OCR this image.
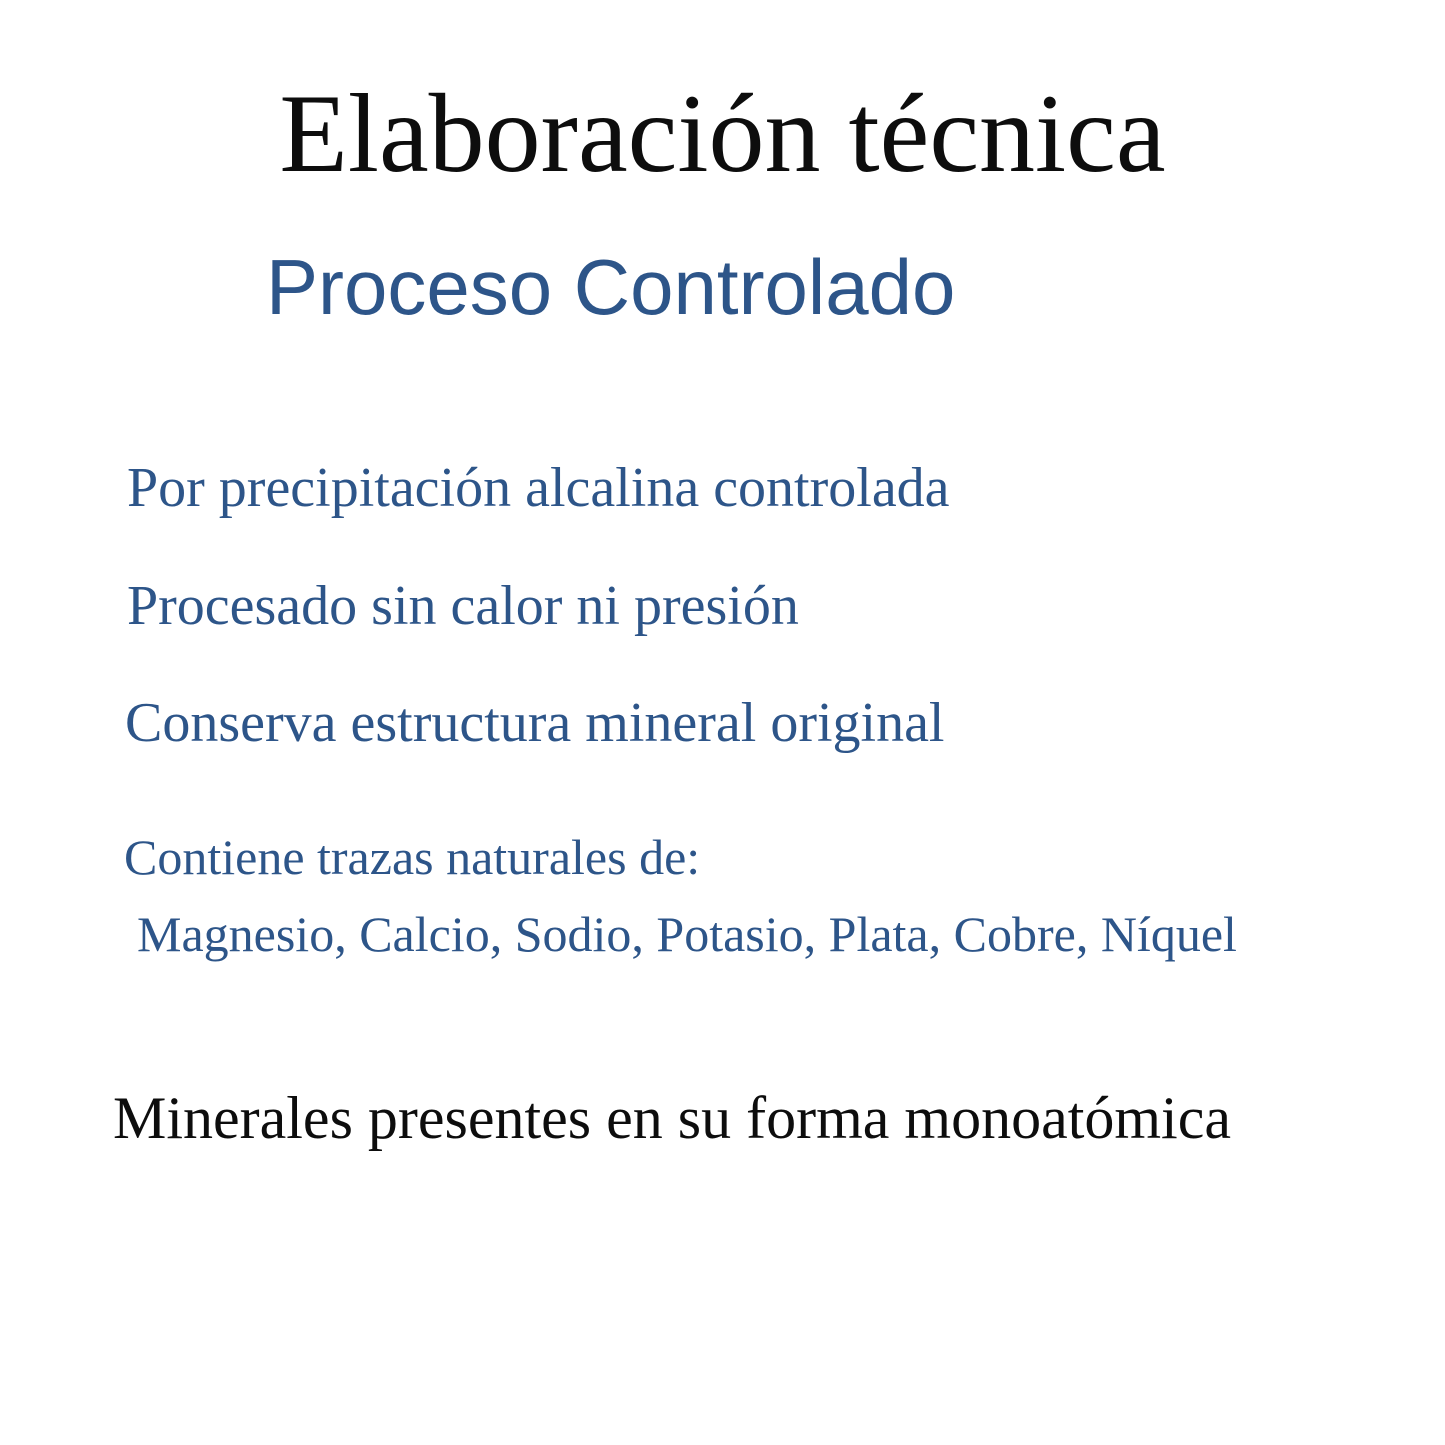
Elaboración técnica
Proceso Controlado
Por precipitación alcalina controlada
Procesado sin calor ni presión
Conserva estructura mineral original
Contiene trazas naturales de:
Magnesio, Calcio, Sodio, Potasio, Plata, Cobre, Níquel
Minerales presentes en su forma monoatómica
